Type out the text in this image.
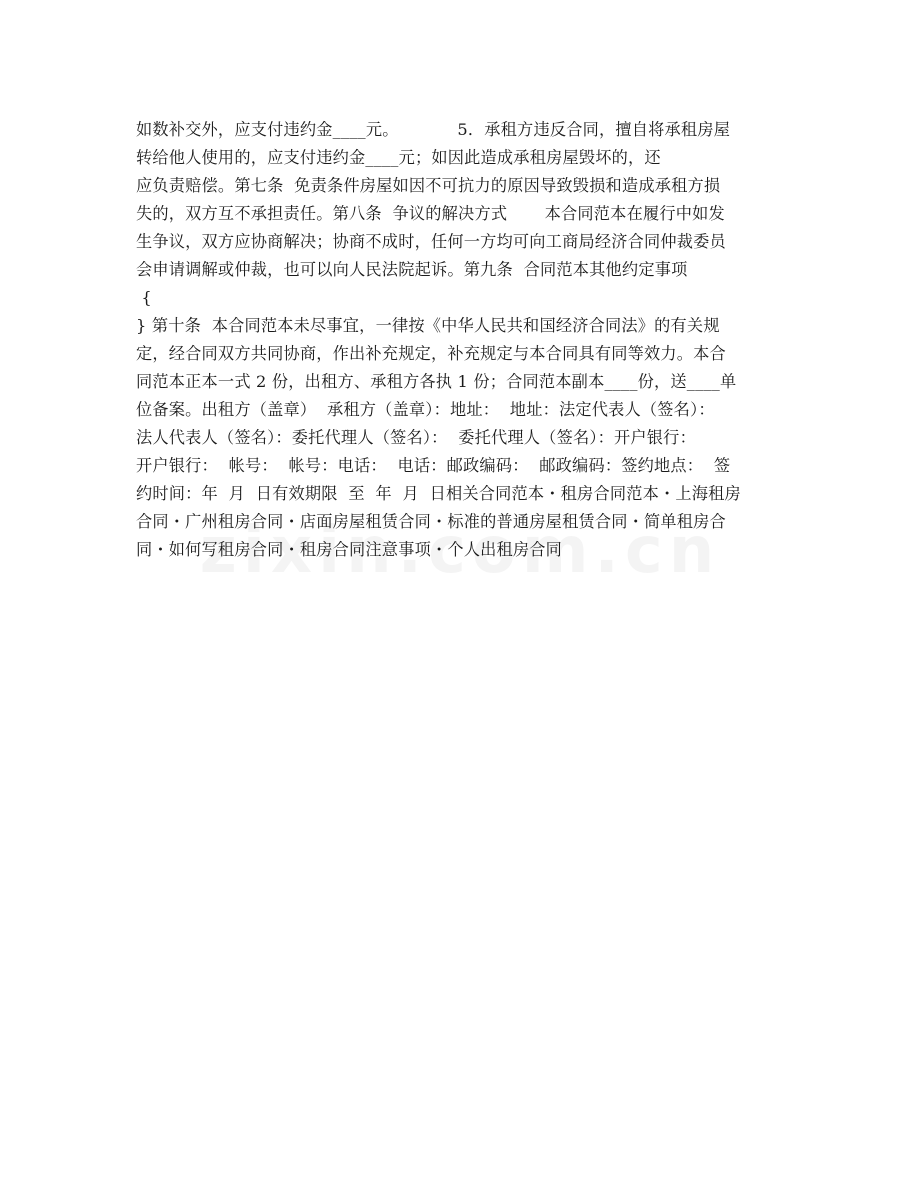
如数补交外，应支付违约金____元。           5．承租方违反合同，擅自将承租房屋
转给他人使用的，应支付违约金____元；如因此造成承租房屋毁坏的，还
应负责赔偿。第七条  免责条件房屋如因不可抗力的原因导致毁损和造成承租方损
失的，双方互不承担责任。第八条  争议的解决方式       本合同范本在履行中如发
生争议，双方应协商解决；协商不成时，任何一方均可向工商局经济合同仲裁委员
会申请调解或仲裁，也可以向人民法院起诉。第九条  合同范本其他约定事项
{
} 第十条  本合同范本未尽事宜，一律按《中华人民共和国经济合同法》的有关规
定，经合同双方共同协商，作出补充规定，补充规定与本合同具有同等效力。本合
同范本正本一式 2 份，出租方、承租方各执 1 份；合同范本副本____份，送____单
位备案。出租方（盖章）  承租方（盖章）：地址：  地址：法定代表人（签名）：
法人代表人（签名）：委托代理人（签名）：  委托代理人（签名）：开户银行：
开户银行：  帐号：  帐号：电话：  电话：邮政编码：  邮政编码：签约地点：  签
约时间：年  月  日有效期限  至  年  月  日相关合同范本・租房合同范本・上海租房
合同・广州租房合同・店面房屋租赁合同・标准的普通房屋租赁合同・简单租房合
同・如何写租房合同・租房合同注意事项・个人出租房合同
